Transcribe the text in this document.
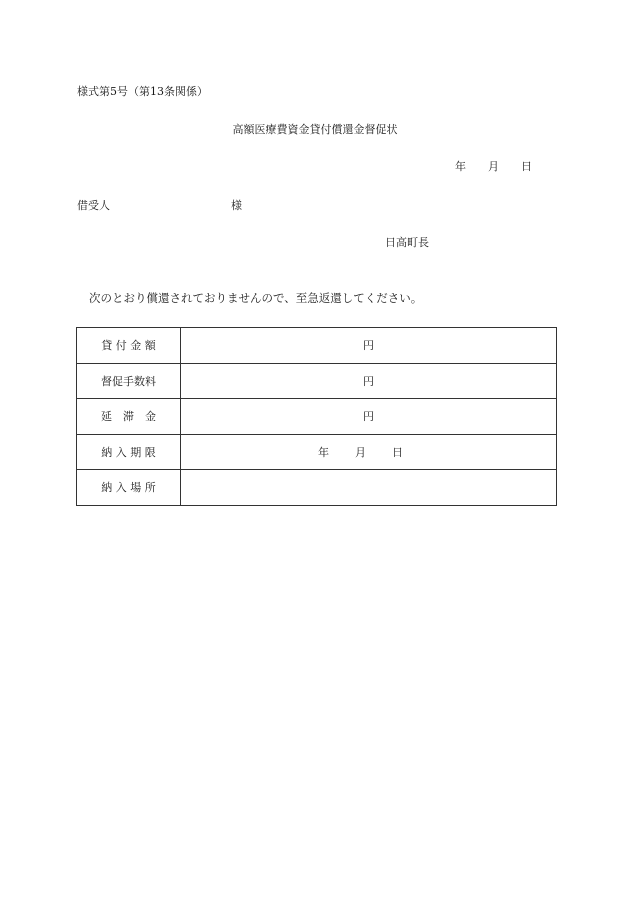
様式第5号（第13条関係）
高額医療費資金貸付償還金督促状
年 月 日
借受人	様
日高町長
次のとおり償還されておりませんので、至急返還してください。
貸 付 金 額	円
督促手数料	円
延　滞　金	円
納 入 期 限	年 月 日
納 入 場 所	
